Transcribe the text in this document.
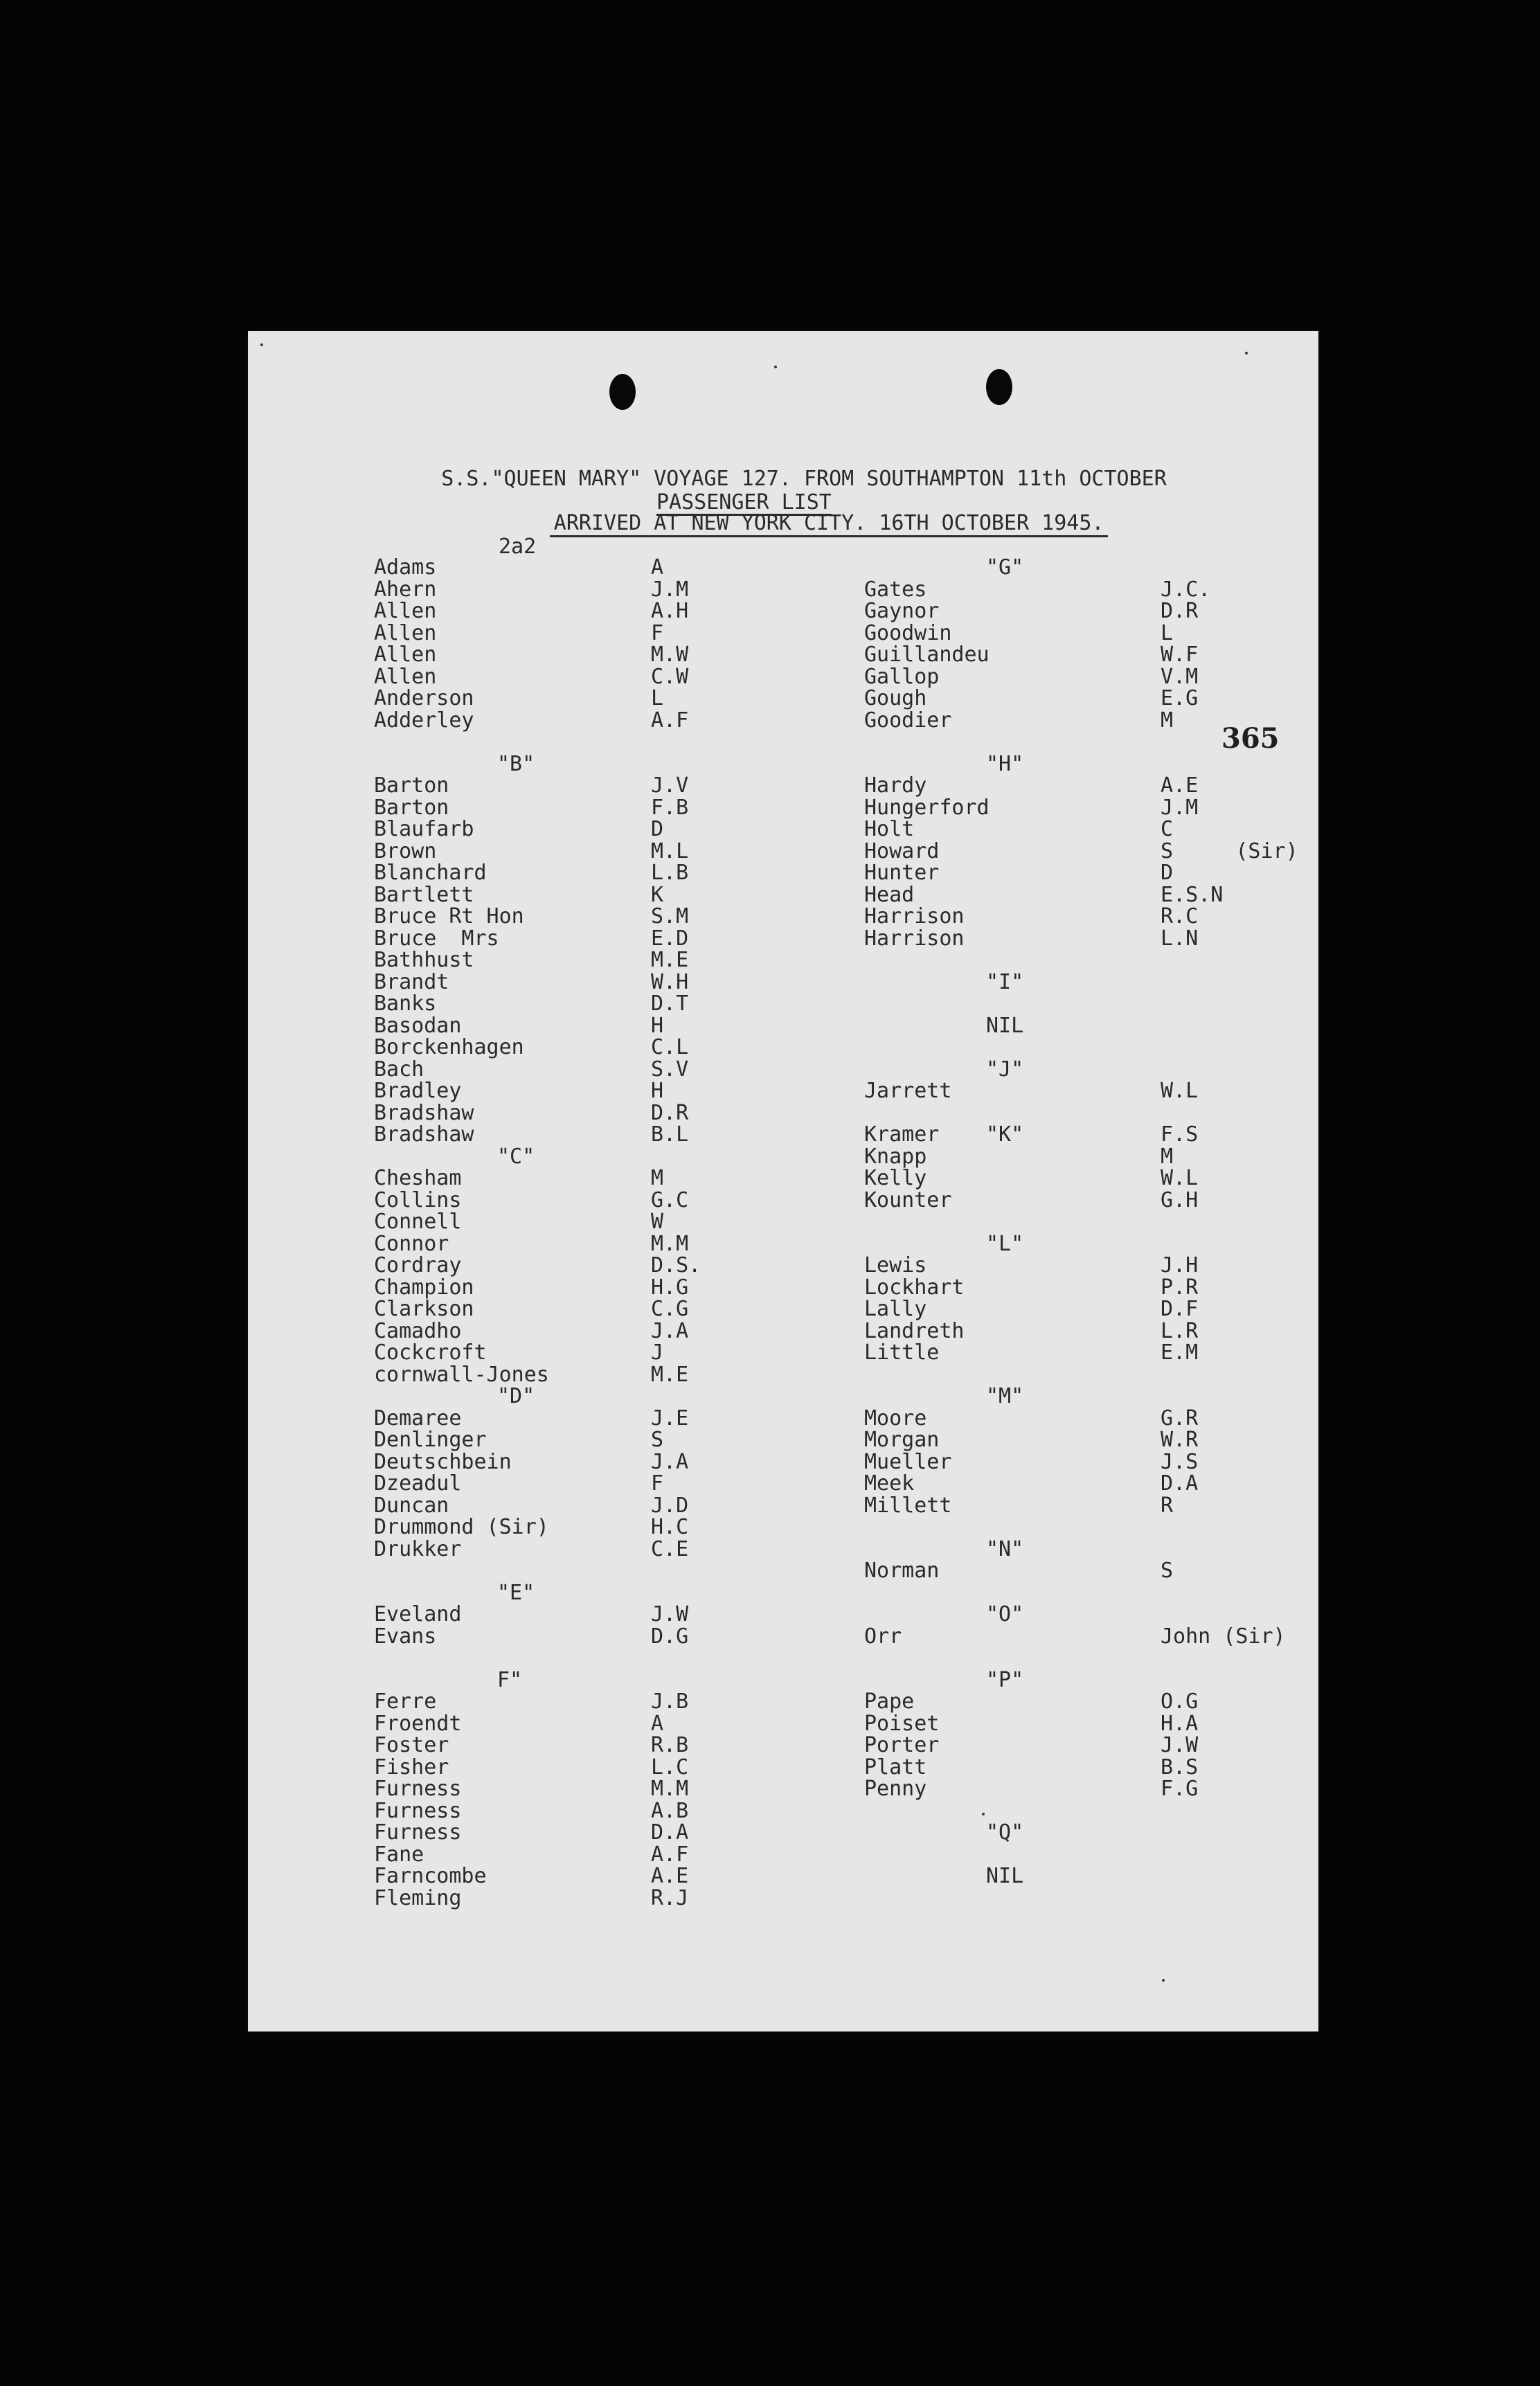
S.S."QUEEN MARY" VOYAGE 127. FROM SOUTHAMPTON 11th OCTOBER

ARRIVED AT NEW YORK CITY. 16TH OCTOBER 1945.

PASSENGER LIST
2a2
365
Adams	A
Ahern	J.M
Allen	A.H
Allen	F
Allen	M.W
Allen	C.W
Anderson	L
Adderley	A.F
"B"
Barton	J.V
Barton	F.B
Blaufarb	D
Brown	M.L
Blanchard	L.B
Bartlett	K
Bruce Rt Hon	S.M
Bruce  Mrs	E.D
Bathhust	M.E
Brandt	W.H
Banks	D.T
Basodan	H
Borckenhagen	C.L
Bach	S.V
Bradley	H
Bradshaw	D.R
Bradshaw	B.L
"C"
Chesham	M
Collins	G.C
Connell	W
Connor	M.M
Cordray	D.S.
Champion	H.G
Clarkson	C.G
Camadho	J.A
Cockcroft	J
cornwall-Jones	M.E
"D"
Demaree	J.E
Denlinger	S
Deutschbein	J.A
Dzeadul	F
Duncan	J.D
Drummond (Sir)	H.C
Drukker	C.E
"E"
Eveland	J.W
Evans	D.G
F"
Ferre	J.B
Froendt	A
Foster	R.B
Fisher	L.C
Furness	M.M
Furness	A.B
Furness	D.A
Fane	A.F
Farncombe	A.E
Fleming	R.J
"G"
Gates	J.C.
Gaynor	D.R
Goodwin	L
Guillandeu	W.F
Gallop	V.M
Gough	E.G
Goodier	M
"H"
Hardy	A.E
Hungerford	J.M
Holt	C
Howard	S     (Sir)
Hunter	D
Head	E.S.N
Harrison	R.C
Harrison	L.N
"I"
NIL
"J"
Jarrett	W.L
Kramer "K"	F.S
Knapp	M
Kelly	W.L
Kounter	G.H
"L"
Lewis	J.H
Lockhart	P.R
Lally	D.F
Landreth	L.R
Little	E.M
"M"
Moore	G.R
Morgan	W.R
Mueller	J.S
Meek	D.A
Millett	R
"N"
Norman	S
"O"
Orr	John (Sir)
"P"
Pape	O.G
Poiset	H.A
Porter	J.W
Platt	B.S
Penny	F.G
"Q"
NIL
